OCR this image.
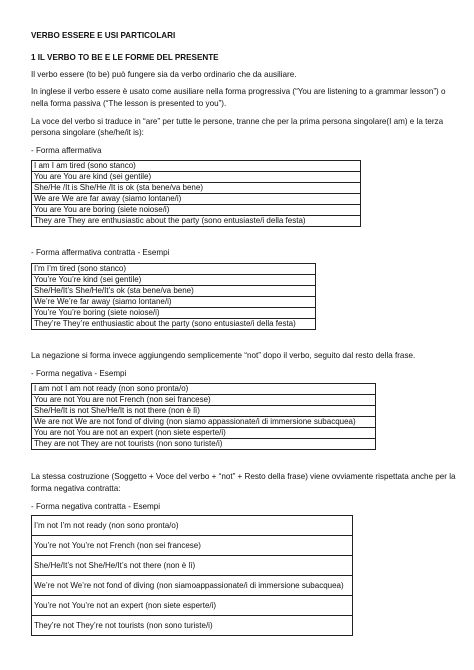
VERBO ESSERE E USI PARTICOLARI
1 IL VERBO TO BE E LE FORME DEL PRESENTE
Il verbo essere (to be) può fungere sia da verbo ordinario che da ausiliare.
In inglese il verbo essere è usato come ausiliare nella forma progressiva (“You are listening to a grammar lesson”) o
nella forma passiva (“The lesson is presented to you”).
La voce del verbo si traduce in “are” per tutte le persone, tranne che per la prima persona singolare(I am) e la terza
persona singolare (she/he/it is):
- Forma affermativa
I am I am tired (sono stanco)
You are You are kind (sei gentile)
She/He /It is She/He /It is ok (sta bene/va bene)
We are We are far away (siamo lontane/i)
You are You are boring (siete noiose/i)
They are They are enthusiastic about the party (sono entusiaste/i della festa)
- Forma affermativa contratta - Esempi
I’m I’m tired (sono stanco)
You’re You’re kind (sei gentile)
She/He/It’s She/He/It’s ok (sta bene/va bene)
We’re We’re far away (siamo lontane/i)
You’re You’re boring (siete noiose/i)
They’re They’re enthusiastic about the party (sono entusiaste/i della festa)
La negazione si forma invece aggiungendo semplicemente “not” dopo il verbo, seguito dal resto della frase.
- Forma negativa - Esempi
I am not I am not ready (non sono pronta/o)
You are not You are not French (non sei francese)
She/He/It is not She/He/It is not there (non è lì)
We are not We are not fond of diving (non siamo appassionate/i di immersione subacquea)
You are not You are not an expert (non siete esperte/i)
They are not They are not tourists (non sono turiste/i)
La stessa costruzione (Soggetto + Voce del verbo + “not” + Resto della frase) viene ovviamente rispettata anche per la
forma negativa contratta:
- Forma negativa contratta - Esempi
I’m not I’m not ready (non sono pronta/o)
You’re not You’re not French (non sei francese)
She/He/It’s not She/He/It’s not there (non è lì)
We’re not We’re not fond of diving (non siamoappassionate/i di immersione subacquea)
You’re not You’re not an expert (non siete esperte/i)
They’re not They’re not tourists (non sono turiste/i)
